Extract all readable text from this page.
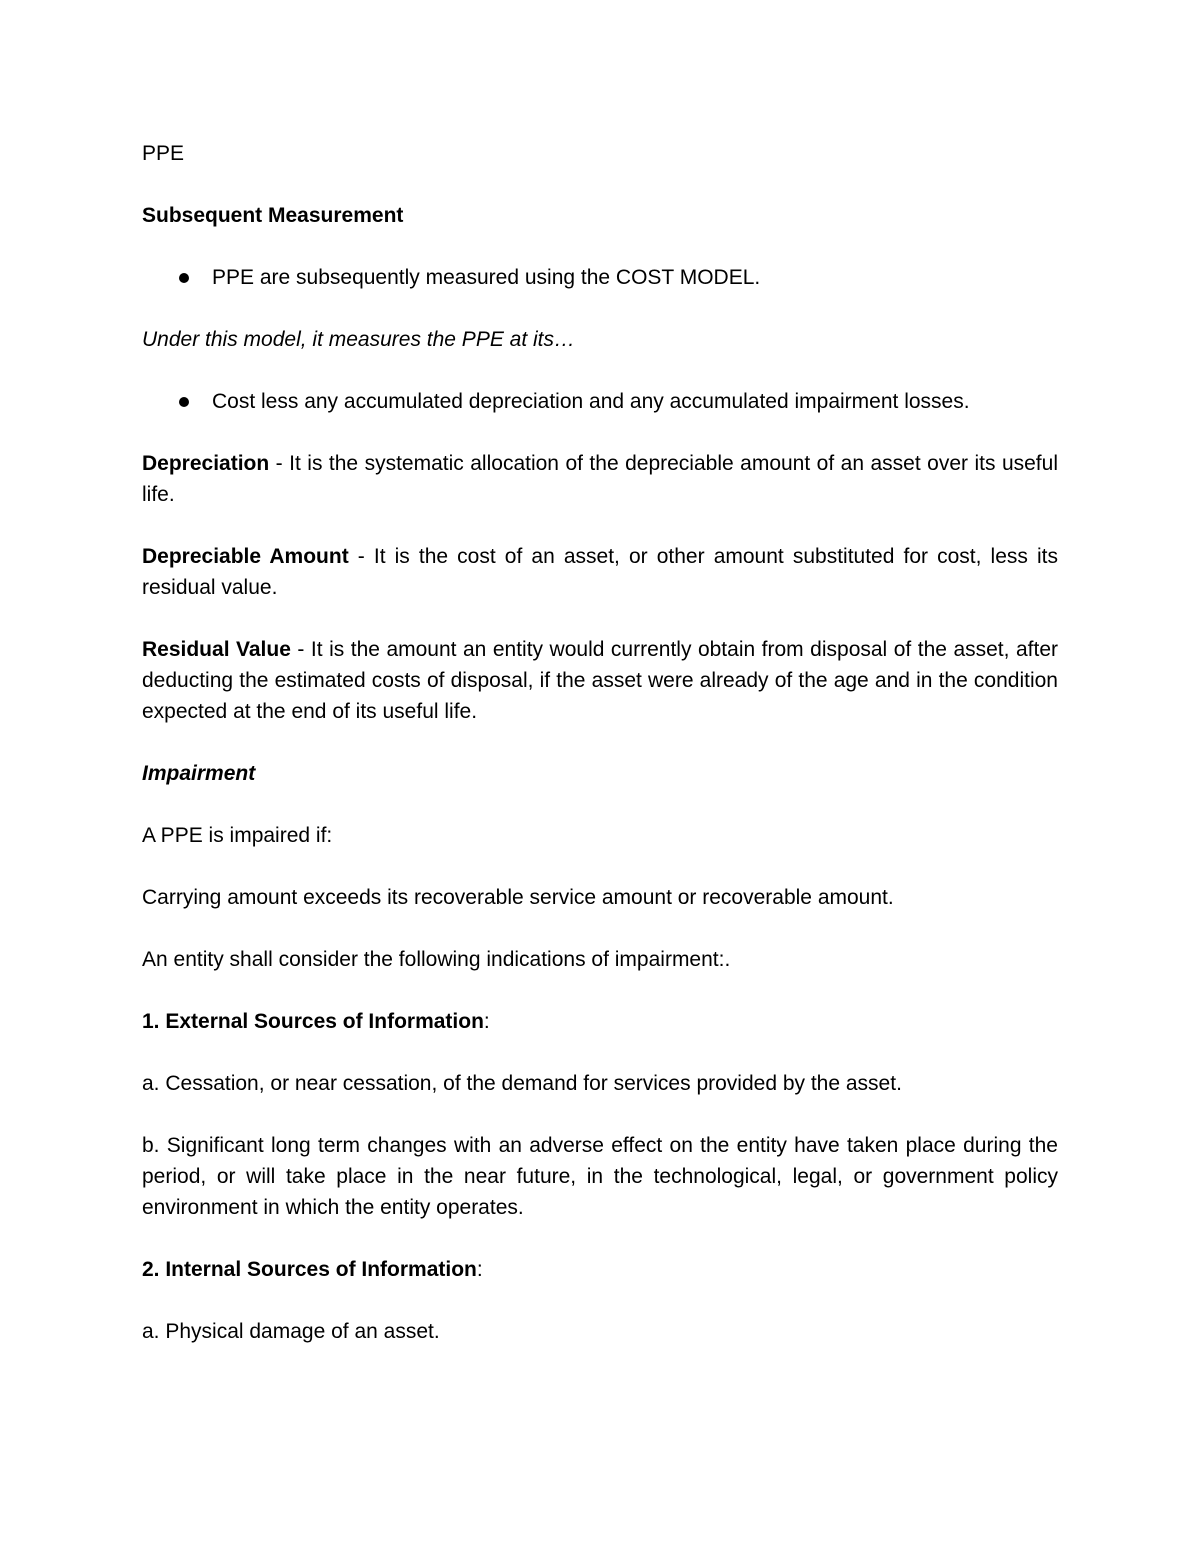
PPE

Subsequent Measurement

PPE are subsequently measured using the COST MODEL.

Under this model, it measures the PPE at its…

Cost less any accumulated depreciation and any accumulated impairment losses.

Depreciation - It is the systematic allocation of the depreciable amount of an asset over its useful life.

Depreciable Amount - It is the cost of an asset, or other amount substituted for cost, less its residual value.

Residual Value - It is the amount an entity would currently obtain from disposal of the asset, after deducting the estimated costs of disposal, if the asset were already of the age and in the condition expected at the end of its useful life.

Impairment

A PPE is impaired if:

Carrying amount exceeds its recoverable service amount or recoverable amount.

An entity shall consider the following indications of impairment:.

1. External Sources of Information:

a. Cessation, or near cessation, of the demand for services provided by the asset.

b. Significant long term changes with an adverse effect on the entity have taken place during the period, or will take place in the near future, in the technological, legal, or government policy environment in which the entity operates.

2. Internal Sources of Information:

a. Physical damage of an asset.
